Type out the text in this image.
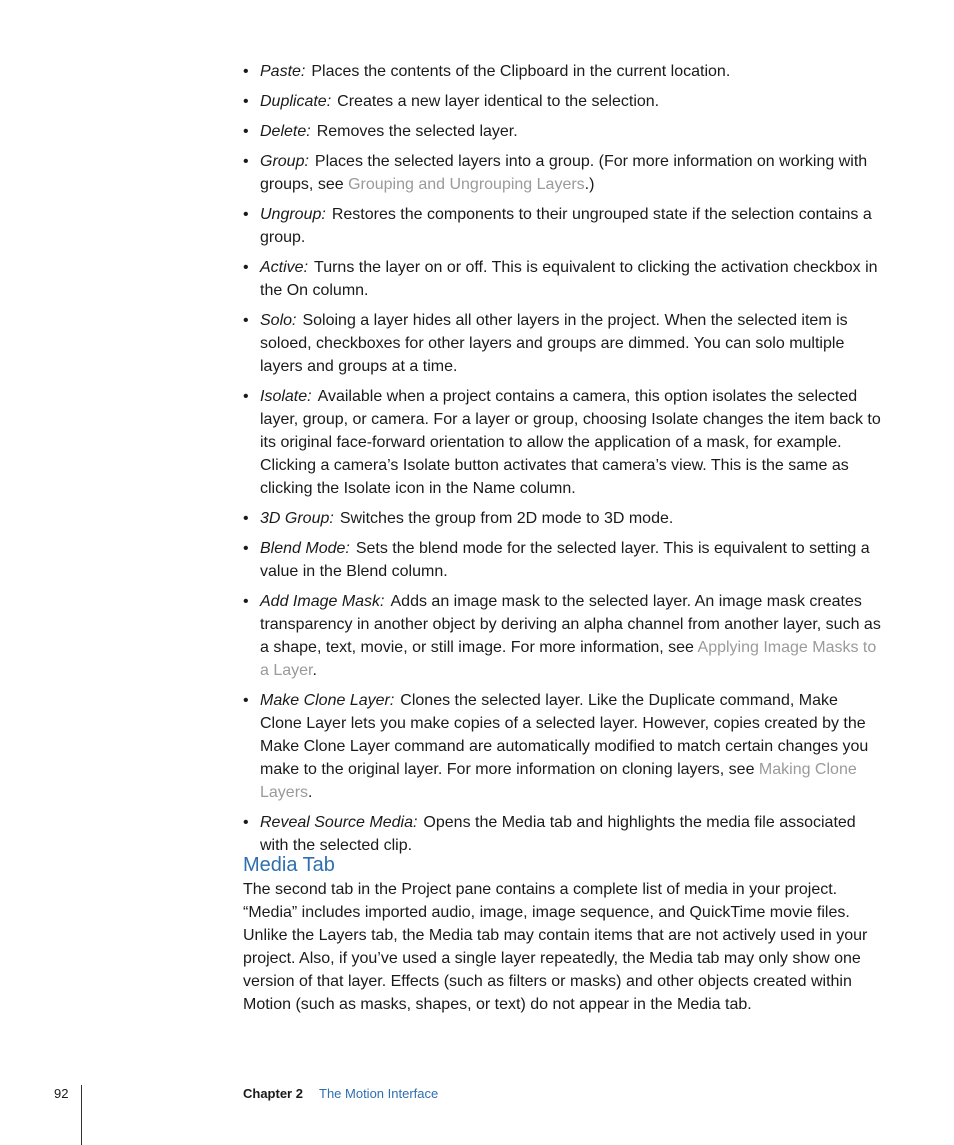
• Paste: Places the contents of the Clipboard in the current location.
• Duplicate: Creates a new layer identical to the selection.
• Delete: Removes the selected layer.
• Group: Places the selected layers into a group. (For more information on working with groups, see Grouping and Ungrouping Layers.)
• Ungroup: Restores the components to their ungrouped state if the selection contains a group.
• Active: Turns the layer on or off. This is equivalent to clicking the activation checkbox in the On column.
• Solo: Soloing a layer hides all other layers in the project. When the selected item is soloed, checkboxes for other layers and groups are dimmed. You can solo multiple layers and groups at a time.
• Isolate: Available when a project contains a camera, this option isolates the selected layer, group, or camera. For a layer or group, choosing Isolate changes the item back to its original face-forward orientation to allow the application of a mask, for example. Clicking a camera’s Isolate button activates that camera’s view. This is the same as clicking the Isolate icon in the Name column.
• 3D Group: Switches the group from 2D mode to 3D mode.
• Blend Mode: Sets the blend mode for the selected layer. This is equivalent to setting a value in the Blend column.
• Add Image Mask: Adds an image mask to the selected layer. An image mask creates transparency in another object by deriving an alpha channel from another layer, such as a shape, text, movie, or still image. For more information, see Applying Image Masks to a Layer.
• Make Clone Layer: Clones the selected layer. Like the Duplicate command, Make Clone Layer lets you make copies of a selected layer. However, copies created by the Make Clone Layer command are automatically modified to match certain changes you make to the original layer. For more information on cloning layers, see Making Clone Layers.
• Reveal Source Media: Opens the Media tab and highlights the media file associated with the selected clip.
Media Tab

The second tab in the Project pane contains a complete list of media in your project. “Media” includes imported audio, image, image sequence, and QuickTime movie files. Unlike the Layers tab, the Media tab may contain items that are not actively used in your project. Also, if you’ve used a single layer repeatedly, the Media tab may only show one version of that layer. Effects (such as filters or masks) and other objects created within Motion (such as masks, shapes, or text) do not appear in the Media tab.

92	Chapter 2 The Motion Interface
